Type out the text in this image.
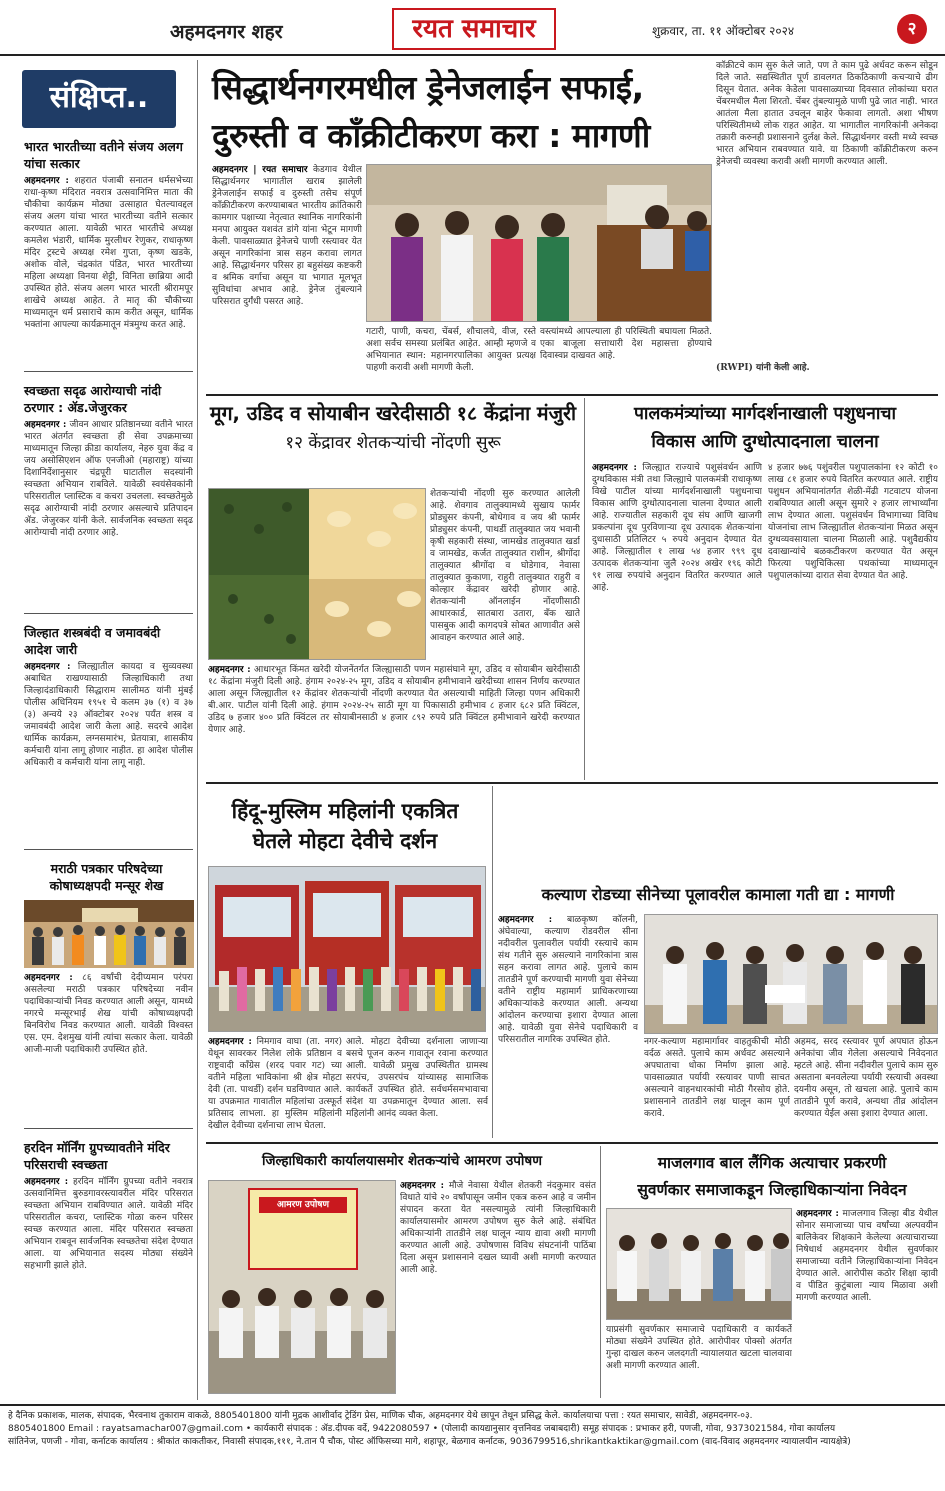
अहमदनगर शहर	रयत समाचार	शुक्रवार, ता. ११ ऑक्टोबर २०२४	२
संक्षिप्त..
भारत भारतीच्या वतीने संजय अलग यांचा सत्कार
अहमदनगर : शहरात पंजाबी सनातन धर्मसभेच्या राधा-कृष्ण मंदिरात नवरात्र उत्सवानिमित्त माता की चौकीचा कार्यक्रम मोठ्या उत्साहात घेतल्यावद्दल संजय अलग यांचा भारत भारतीच्या वतीने सत्कार करण्यात आला. यावेळी भारत भारतीचे अध्यक्ष कमलेश भंडारी, धार्मिक मुरलीधर रेणुकर, राधाकृष्ण मंदिर ट्रस्टचे अध्यक्ष रमेश गुप्ता, कृष्ण खडके, अशोक वोले, चंद्रकांत पंडित, भारत भारतीच्या महिला अध्यक्षा विनया शेट्टी, विनिता छाब्रिया आदी उपस्थित होते. संजय अलग भारत भारती श्रीरामपूर शाखेचे अध्यक्ष आहेत. ते मातृ की चौकीच्या माध्यमातून धर्म प्रसाराचे काम करीत असून, धार्मिक भक्तांना आपल्या कार्यक्रमातून मंत्रमुग्ध करत आहे.
स्वच्छता सदृढ आरोग्याची नांदी ठरणार : ॲड.जेजुरकर
अहमदनगर : जीवन आधार प्रतिष्ठानच्या वतीने भारत भारत अंतर्गत स्वच्छता ही सेवा उपक्रमाच्या माध्यमातून जिल्हा क्रीडा कार्यालय, नेहरु युवा केंद्र व जय असोसिएशन ऑफ एनजीओ (महाराष्ट्र) यांच्या दिशानिर्देशानुसार चंद्रपूरी घाटातील सदस्यांनी स्वच्छता अभियान राबविले. यावेळी स्वयंसेवकांनी परिसरातील प्लास्टिक व कचरा उचलला. स्वच्छतेमुळे सदृढ आरोग्याची नांदी ठरणार असल्याचे प्रतिपादन ॲड. जेजुरकर यांनी केले. सार्वजनिक स्वच्छता सदृढ आरोग्याची नांदी ठरणार आहे.
जिल्हात शस्त्रबंदी व जमावबंदी आदेश जारी
अहमदनगर : जिल्ह्यातील कायदा व सुव्यवस्था अबाधित राखण्यासाठी जिल्हाधिकारी तथा जिल्हादंडाधिकारी सिद्धाराम सालीमठ यांनी मुंबई पोलीस अधिनियम १९५१ चे कलम ३७ (१) व ३७ (३) अन्वये २३ ऑक्टोबर २०२४ पर्यंत शस्त्र व जमावबंदी आदेश जारी केला आहे. सदरचे आदेश धार्मिक कार्यक्रम, लग्नसमारंभ, प्रेतयात्रा, शासकीय कर्मचारी यांना लागू होणार नाहीत. हा आदेश पोलीस अधिकारी व कर्मचारी यांना लागू नाही.
मराठी पत्रकार परिषदेच्या कोषाध्यक्षपदी मन्सूर शेख
अहमदनगर : ८६ वर्षांची देदीप्यमान परंपरा असलेल्या मराठी पत्रकार परिषदेच्या नवीन पदाधिकाऱ्यांची निवड करण्यात आली असून, यामध्ये नगरचे मन्सूरभाई शेख यांची कोषाध्यक्षपदी बिनविरोध निवड करण्यात आली. यावेळी विश्वस्त एस. एम. देशमुख यांनी त्यांचा सत्कार केला. यावेळी आजी-माजी पदाधिकारी उपस्थित होते.
हरदिन मॉर्निंग ग्रुपच्यावतीने मंदिर परिसराची स्वच्छता
अहमदनगर : हरदिन मॉर्निंग ग्रुपच्या वतीने नवरात्र उत्सवानिमित्त बुरुडगावरस्त्यावरील मंदिर परिसरात स्वच्छता अभियान राबविण्यात आले. यावेळी मंदिर परिसरातील कचरा, प्लास्टिक गोळा करुन परिसर स्वच्छ करण्यात आला. मंदिर परिसरात स्वच्छता अभियान राबवून सार्वजनिक स्वच्छतेचा संदेश देण्यात आला. या अभियानात सदस्य मोठ्या संख्येने सहभागी झाले होते.
सिद्धार्थनगरमधील ड्रेनेजलाईन सफाई,
दुरुस्ती व कॉंक्रीटीकरण करा : मागणी
कॉक्रीटचे काम सुरु केले जाते, पण ते काम पुढे अर्धवट करून सोडून दिले जाते. सद्यस्थितीत पूर्ण डावलगत ठिकठिकाणी कचऱ्याचे ढीग दिसून येतात. अनेक केडेला पावसाळ्याच्या दिवसात लोकांच्या घरात चेंबरमधील मैला शिरतो. चेंबर तुंबल्यामुळे पाणी पुढे जात नाही. भारत आतंला मैला हातात उचलून बाहेर फेकावा लागतो. अशा भीषण परिस्थितीमध्ये लोक राहत आहेत. या भागातील नागरिकांनी अनेकदा तक्रारी करुनही प्रशासनाने दुर्लक्ष केले. सिद्धार्थनगर वस्ती मध्ये स्वच्छ भारत अभियान राबवण्यात यावे. या ठिकाणी कॉंक्रीटीकरण करुन ड्रेनेजची व्यवस्था करावी अशी मागणी करण्यात आली.
(RWPI) यांनी केली आहे.
अहमदनगर | रयत समाचार केडगाव येथील सिद्धार्थनगर भागातील खराब झालेली ड्रेनेजलाईन सफाई व दुरुस्ती तसेच संपूर्ण कॉंक्रीटीकरण करण्याबाबत भारतीय क्रांतिकारी कामगार पक्षाच्या नेतृत्वात स्थानिक नागरिकांनी मनपा आयुक्त यशवंत डांगे यांना भेटून मागणी केली. पावसाळ्यात ड्रेनेजचे पाणी रस्त्यावर येत असून नागरिकांना त्रास सहन करावा लागत आहे. सिद्धार्थनगर परिसर हा बहुसंख्य कष्टकरी व श्रमिक वर्गाचा असून या भागात मूलभूत सुविधांचा अभाव आहे. ड्रेनेज तुंबल्याने परिसरात दुर्गंधी पसरत आहे.
गटारी, पाणी, कचरा, चेंबर्स, शौचालये, वीज, रस्ते अशा सर्वच समस्या प्रलंबित आहेत. आम्ही म्हणजे व अभियानात स्थान: महानगरपालिका आयुक्त प्रत्यक्ष पाहणी करावी अशी मागणी केली.
वस्त्यांमध्ये आपल्याला ही परिस्थिती बघायला मिळते. एका बाजूला सत्ताधारी देश महासत्ता होण्याचे दिवास्वप्न दाखवत आहे.
मूग, उडिद व सोयाबीन खरेदीसाठी १८ केंद्रांना मंजुरी
१२ केंद्रावर शेतकऱ्यांची नोंदणी सुरू
शेतकऱ्यांची नोंदणी सुरु करण्यात आलेली आहे. शेवगाव तालुक्यामध्ये सुखाय फार्मर प्रोड्युसर कंपनी, बोधेगाव व जय श्री फार्मर प्रोड्युसर कंपनी, पाथर्डी तालुक्यात जय भवानी कृषी सहकारी संस्था, जामखेड तालुक्यात खर्डा व जामखेड, कर्जत तालुक्यात राशीन, श्रीगोंदा तालुक्यात श्रीगोंदा व घोडेगाव, नेवासा तालुक्यात कुकाणा, राहुरी तालुक्यात राहुरी व कोल्हार केंद्रावर खरेदी होणार आहे. शेतकऱ्यांनी ऑनलाईन नोंदणीसाठी आधारकार्ड, सातबारा उतारा, बँक खाते पासबुक आदी कागदपत्रे सोबत आणावीत असे आवाहन करण्यात आले आहे.
अहमदनगर : आधारभूत किंमत खरेदी योजनेंतर्गत जिल्ह्यासाठी पणन महासंघाने मूग, उडिद व सोयाबीन खरेदीसाठी १८ केंद्रांना मंजुरी दिली आहे. हंगाम २०२४-२५ मूग, उडिद व सोयाबीन हमीभावाने खरेदीच्या शासन निर्णय करण्यात आला असून जिल्ह्यातील १२ केंद्रांवर शेतकऱ्यांची नोंदणी करण्यात येत असल्याची माहिती जिल्हा पणन अधिकारी बी.आर. पाटील यांनी दिली आहे. हंगाम २०२४-२५ साठी मूग या पिकासाठी हमीभाव ८ हजार ६८२ प्रति क्विंटल, उडिद ७ हजार ४०० प्रति क्विंटल तर सोयाबीनसाठी ४ हजार ८९२ रुपये प्रति क्विंटल हमीभावाने खरेदी करण्यात येणार आहे.
पालकमंत्र्यांच्या मार्गदर्शनाखाली पशुधनाचा
विकास आणि दुग्धोत्पादनाला चालना
अहमदनगर : जिल्ह्यात राज्याचे पशुसंवर्धन आणि दुग्धविकास मंत्री तथा जिल्ह्याचे पालकमंत्री राधाकृष्ण विखे पाटील यांच्या मार्गदर्शनाखाली पशुधनाचा विकास आणि दुग्धोत्पादनाला चालना देण्यात आली आहे. राज्यातील सहकारी दूध संघ आणि खाजगी प्रकल्पांना दूध पुरविणाऱ्या दूध उत्पादक शेतकऱ्यांना दुधासाठी प्रतिलिटर ५ रुपये अनुदान देण्यात येत आहे. जिल्ह्यातील १ लाख ५४ हजार ९९९ दूध उत्पादक शेतकऱ्यांना जुलै २०२४ अखेर १९६ कोटी ९१ लाख रुपयांचे अनुदान वितरित करण्यात आले आहे.
४ हजार ७७६ पशुंवरील पशुपालकांना १२ कोटी १० लाख ८१ हजार रुपये वितरित करण्यात आले. राष्ट्रीय पशुधन अभियानांतर्गत शेळी-मेंढी गटवाटप योजना राबविण्यात आली असून सुमारे २ हजार लाभार्थ्यांना लाभ देण्यात आला. पशुसंवर्धन विभागाच्या विविध योजनांचा लाभ जिल्ह्यातील शेतकऱ्यांना मिळत असून दुग्धव्यवसायाला चालना मिळाली आहे. पशुवैद्यकीय दवाखान्यांचे बळकटीकरण करण्यात येत असून फिरत्या पशुचिकित्सा पथकांच्या माध्यमातून पशुपालकांच्या दारात सेवा देण्यात येत आहे.
हिंदू-मुस्लिम महिलांनी एकत्रित
घेतले मोहटा देवीचे दर्शन
अहमदनगर : निमगाव वाघा (ता. नगर) येथून सावरकर निलेश लोके प्रतिष्ठान व राष्ट्रवादी कॉंग्रेस (शरद पवार गट) च्या वतीने महिला भाविकांना श्री क्षेत्र मोहटा देवी (ता. पाथर्डी) दर्शन घडविण्यात आले. या उपक्रमात गावातील महिलांचा उत्स्फूर्त प्रतिसाद लाभला. हा मुस्लिम महिलांनी देखील देवीच्या दर्शनाचा लाभ घेतला.
आले. मोहटा देवीच्या दर्शनाला जाणाऱ्या बसचे पूजन करुन गावातून रवाना करण्यात आली. यावेळी प्रमुख उपस्थितीत ग्रामस्थ सरपंच, उपसरपंच यांच्यासह सामाजिक कार्यकर्ते उपस्थित होते. सर्वधर्मसमभावाचा संदेश या उपक्रमातून देण्यात आला. सर्व महिलांनी आनंद व्यक्त केला.
कल्याण रोडच्या सीनेच्या पूलावरील कामाला गती द्या : मागणी
अहमदनगर : बाळकृष्ण कॉलनी, अंघेवाल्या, कल्याण रोडवरील सीना नदीवरील पुलावरील पर्यायी रस्त्याचे काम संथ गतीने सुरु असल्याने नागरिकांना त्रास सहन करावा लागत आहे. पुलाचे काम तातडीने पूर्ण करण्याची मागणी युवा सेनेच्या वतीने राष्ट्रीय महामार्ग प्राधिकरणाच्या अधिकाऱ्यांकडे करण्यात आली. अन्यथा आंदोलन करण्याचा इशारा देण्यात आला आहे. यावेळी युवा सेनेचे पदाधिकारी व परिसरातील नागरिक उपस्थित होते.	नगर-कल्याण महामार्गावर वाहतुकीची मोठी वर्दळ असते. पुलाचे काम अर्धवट असल्याने अपघाताचा धोका निर्माण झाला आहे. पावसाळ्यात पर्यायी रस्त्यावर पाणी साचत असल्याने वाहनधारकांची मोठी गैरसोय होते. प्रशासनाने तातडीने लक्ष घालून काम पूर्ण करावे.
अहमद, सरद रस्त्यावर पूर्ण अपघात होऊन अनेकांचा जीव गेलेला असल्याचे निवेदनात म्हटले आहे. सीना नदीवरील पुलाचे काम सुरु असताना बनवलेल्या पर्यायी रस्त्याची अवस्था दयनीय असून, तो खचला आहे. पुलाचे काम तातडीने पूर्ण करावे, अन्यथा तीव्र आंदोलन करण्यात येईल असा इशारा देण्यात आला.
जिल्हाधिकारी कार्यालयासमोर शेतकऱ्यांचे आमरण उपोषण
आमरण उपोषण
अहमदनगर : मौजे नेवासा येथील शेतकरी नंदकुमार वसंत विधाते यांचे २० वर्षांपासून जमीन एकत्र करुन आहे व जमीन संपादन करता येत नसल्यामुळे त्यांनी जिल्हाधिकारी कार्यालयासमोर आमरण उपोषण सुरु केले आहे. संबंधित अधिकाऱ्यांनी तातडीने लक्ष घालून न्याय द्यावा अशी मागणी करण्यात आली आहे. उपोषणास विविध संघटनांनी पाठिंबा दिला असून प्रशासनाने दखल घ्यावी अशी मागणी करण्यात आली आहे.
माजलगाव बाल लैंगिक अत्याचार प्रकरणी
सुवर्णकार समाजाकडून जिल्हाधिकाऱ्यांना निवेदन
याप्रसंगी सुवर्णकार समाजाचे पदाधिकारी व कार्यकर्ते मोठ्या संख्येने उपस्थित होते. आरोपीवर पोक्सो अंतर्गत गुन्हा दाखल करुन जलदगती न्यायालयात खटला चालवावा अशी मागणी करण्यात आली.
अहमदनगर : माजलगाव जिल्हा बीड येथील सोनार समाजाच्या पाच वर्षांच्या अल्पवयीन बालिकेवर शिक्षकाने केलेल्या अत्याचाराच्या निषेधार्थ अहमदनगर येथील सुवर्णकार समाजाच्या वतीने जिल्हाधिकाऱ्यांना निवेदन देण्यात आले. आरोपीस कठोर शिक्षा व्हावी व पीडित कुटुंबाला न्याय मिळावा अशी मागणी करण्यात आली.
हे दैनिक प्रकाशक, मालक, संपादक, भैरवनाथ तुकाराम वाकळे, 8805401800 यांनी मुद्रक आशीर्वाद ट्रेडिंग प्रेस, माणिक चौक, अहमदनगर येथे छापून तेथून प्रसिद्ध केले. कार्यालयाचा पत्ता : रयत समाचार, सावेडी, अहमदनगर-०३.
8805401800 Email : rayatsamachar007@gmail.com • कार्यकारी संपादक : ॲड.दीपक वर्दे, 9422080597 • (पोलादी कायद्यानुसार वृत्तनिवड जबाबदारी) समूह संपादक : प्रभाकर हरी, पणजी, गोवा, 9373021584, गोवा कार्यालय
सांतिनेज, पणजी - गोवा, कर्नाटक कार्यालय : श्रीकांत काकतीकर, निवासी संपादक,१११, ने.तान पै चौक, पोस्ट ऑफिसच्या मागे, शहापूर, बेळगाव कर्नाटक, 9036799516,shrikantkaktikar@gmail.com (वाद-विवाद अहमदनगर न्यायालयीन न्यायक्षेत्रे)
